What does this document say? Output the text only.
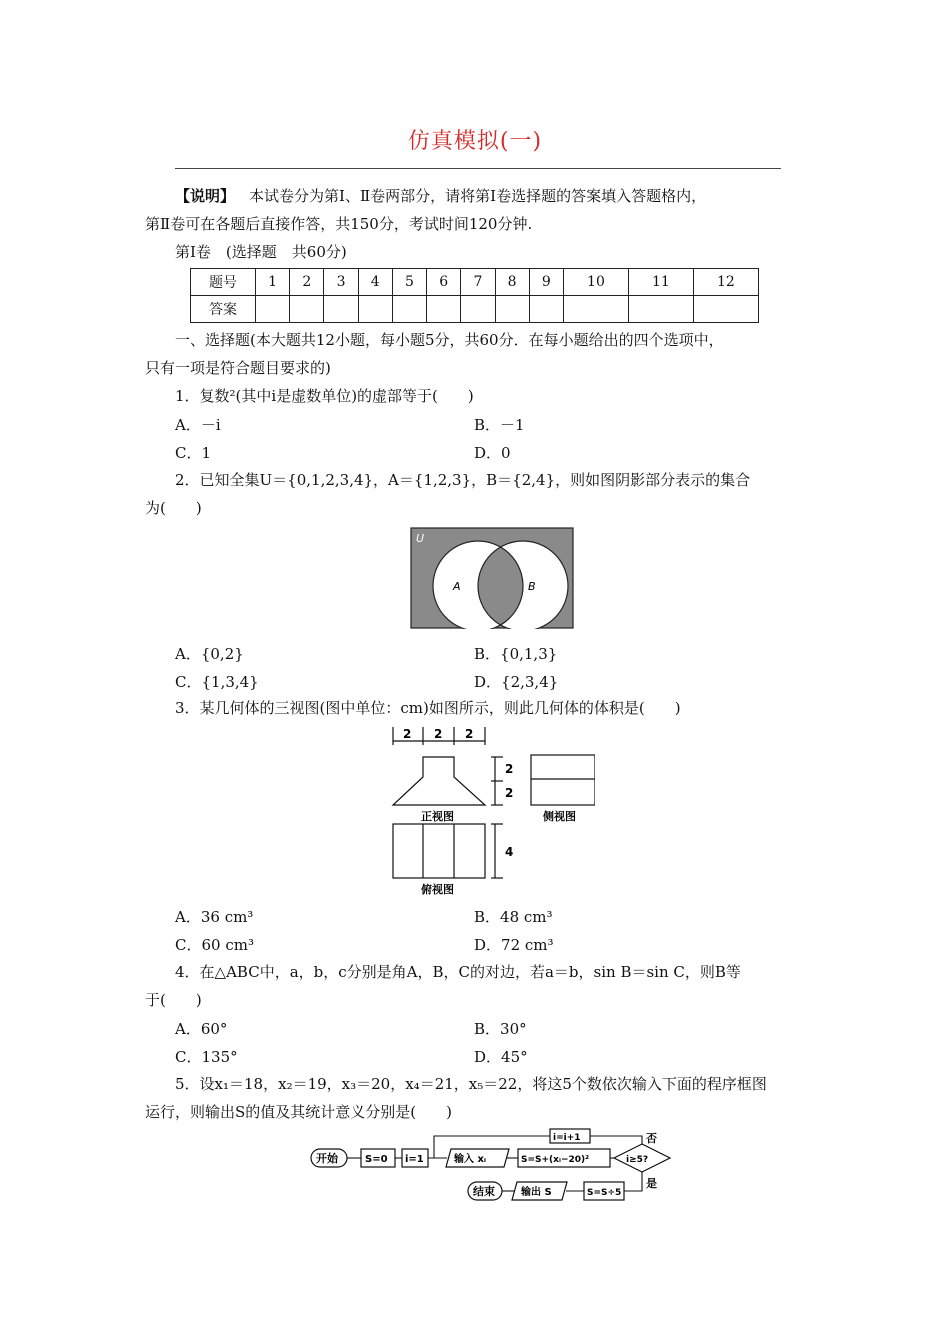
仿真模拟(一)
【说明】 本试卷分为第Ⅰ、Ⅱ卷两部分，请将第Ⅰ卷选择题的答案填入答题格内，
第Ⅱ卷可在各题后直接作答，共150分，考试时间120分钟.
第Ⅰ卷　(选择题　共60分)
题号	1	2	3	4	5	6	7	8	9	10	11	12
答案												
一、选择题(本大题共12小题，每小题5分，共60分．在每小题给出的四个选项中，
只有一项是符合题目要求的)
1．复数²(其中i是虚数单位)的虚部等于(　　)
A．－i	B．－1
C．1	D．0
2．已知全集U＝{0,1,2,3,4}，A＝{1,2,3}，B＝{2,4}，则如图阴影部分表示的集合
为(　　)
U
A	B
A．{0,2}	B．{0,1,3}
C．{1,3,4}	D．{2,3,4}
3．某几何体的三视图(图中单位：cm)如图所示，则此几何体的体积是(　　)
2 2 2
2
2
4
正视图	侧视图
俯视图
A．36 cm³	B．48 cm³
C．60 cm³	D．72 cm³
4．在△ABC中，a，b，c分别是角A，B，C的对边，若a＝b，sin B＝sin C，则B等
于(　　)
A．60°	B．30°
C．135°	D．45°
5．设x₁＝18，x₂＝19，x₃＝20，x₄＝21，x₅＝22，将这5个数依次输入下面的程序框图
运行，则输出S的值及其统计意义分别是(　　)
开始	S=0 i=1	输入 xᵢ	S=S+(xᵢ−20)²	i≥5?
i=i+1	否
是
S=S÷5
输出 S
结束
